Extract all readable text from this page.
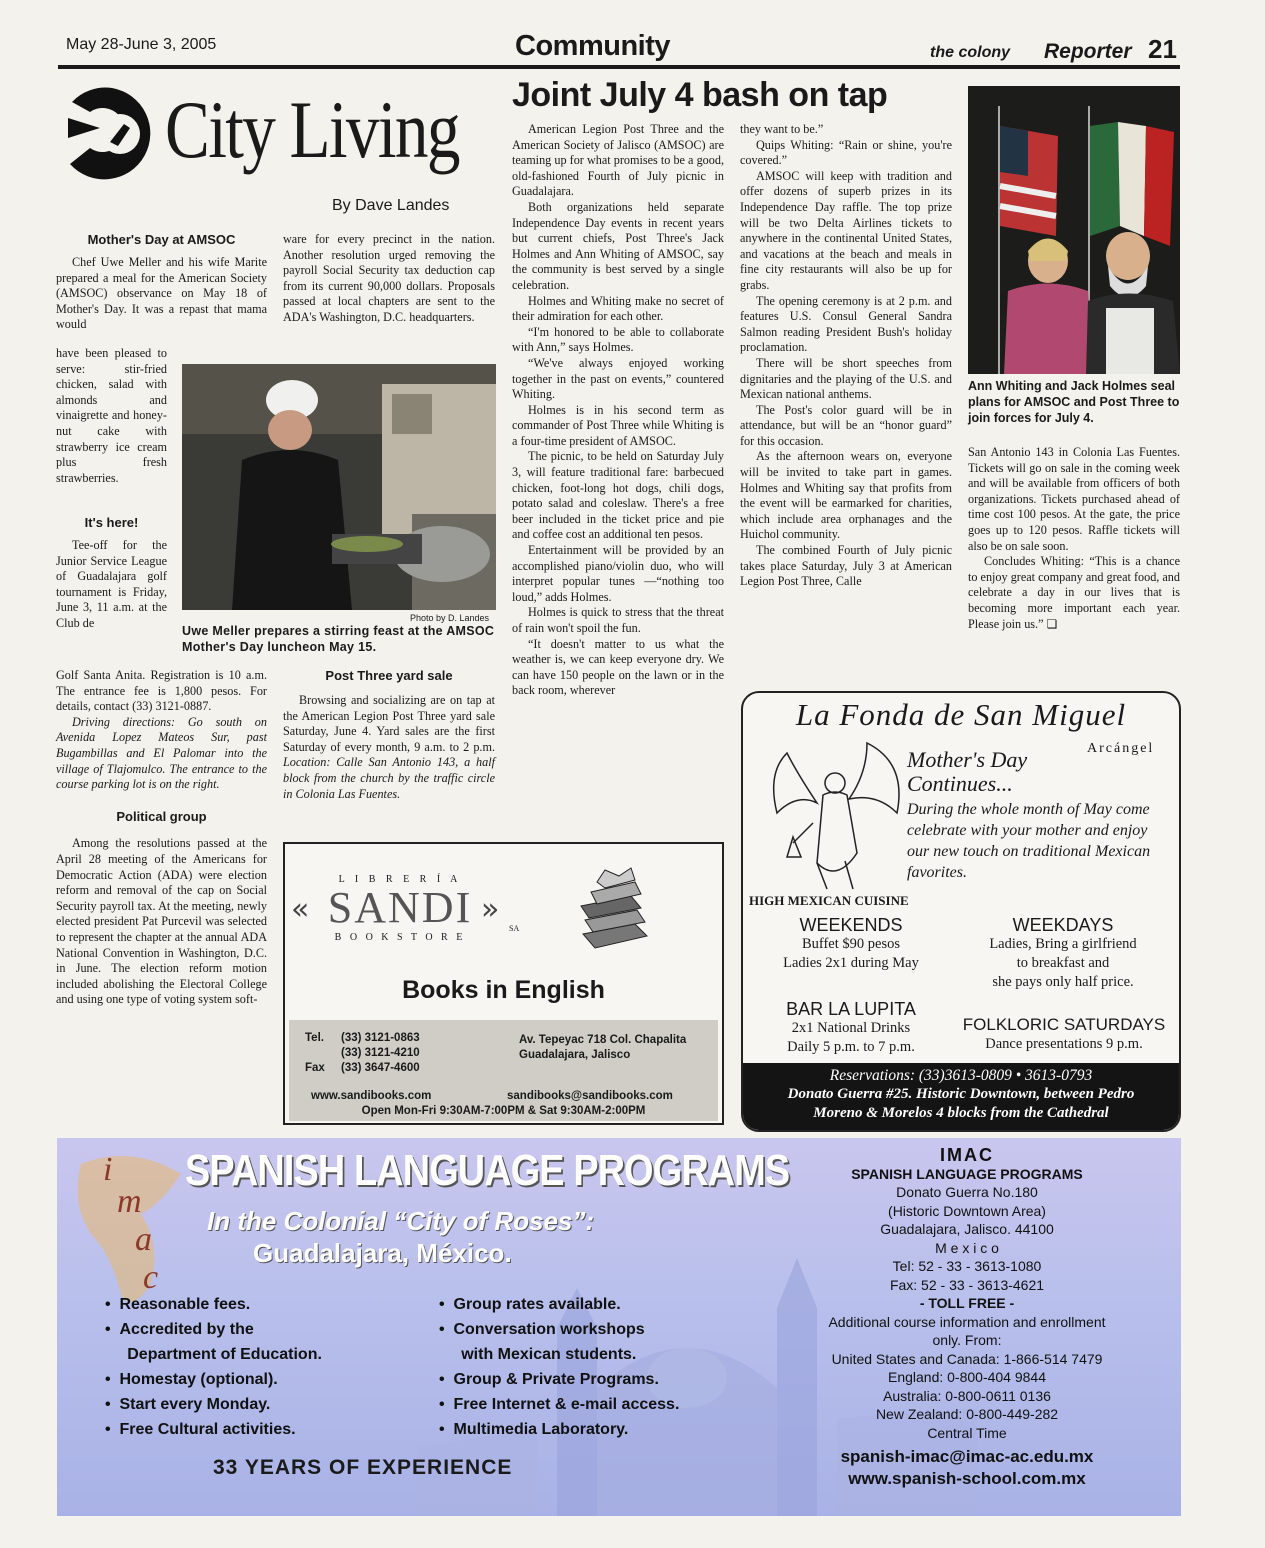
May 28-June 3, 2005	Community	the colony Reporter 21
City Living
By Dave Landes

Mother's Day at AMSOC

Chef Uwe Meller and his wife Marite prepared a meal for the American Society (AMSOC) observance on May 18 of Mother's Day. It was a repast that mama would

have been pleased to serve: stir-fried chicken, salad with almonds and vinaigrette and honey-nut cake with strawberry ice cream plus fresh strawberries.

It's here!

Tee-off for the Junior Service League of Guadalajara golf tournament is Friday, June 3, 11 a.m. at the Club de

Golf Santa Anita. Registration is 10 a.m. The entrance fee is 1,800 pesos. For details, contact (33) 3121-0887.

Driving directions: Go south on Avenida Lopez Mateos Sur, past Bugambillas and El Palomar into the village of Tlajomulco. The entrance to the course parking lot is on the right.

Political group

Among the resolutions passed at the April 28 meeting of the Americans for Democratic Action (ADA) were election reform and removal of the cap on Social Security payroll tax. At the meeting, newly elected president Pat Purcevil was selected to represent the chapter at the annual ADA National Convention in Washington, D.C. in June. The election reform motion included abolishing the Electoral College and using one type of voting system soft-

ware for every precinct in the nation. Another resolution urged removing the payroll Social Security tax deduction cap from its current 90,000 dollars. Proposals passed at local chapters are sent to the ADA's Washington, D.C. headquarters.

Photo by D. Landes
Uwe Meller prepares a stirring feast at the AMSOC Mother's Day luncheon May 15.

Post Three yard sale

Browsing and socializing are on tap at the American Legion Post Three yard sale Saturday, June 4. Yard sales are the first Saturday of every month, 9 a.m. to 2 p.m. Location: Calle San Antonio 143, a half block from the church by the traffic circle in Colonia Las Fuentes.

Joint July 4 bash on tap

American Legion Post Three and the American Society of Jalisco (AMSOC) are teaming up for what promises to be a good, old-fashioned Fourth of July picnic in Guadalajara.

Both organizations held separate Independence Day events in recent years but current chiefs, Post Three's Jack Holmes and Ann Whiting of AMSOC, say the community is best served by a single celebration.

Holmes and Whiting make no secret of their admiration for each other.

“I'm honored to be able to collaborate with Ann,” says Holmes.

“We've always enjoyed working together in the past on events,” countered Whiting.

Holmes is in his second term as commander of Post Three while Whiting is a four-time president of AMSOC.

The picnic, to be held on Saturday July 3, will feature traditional fare: barbecued chicken, foot-long hot dogs, chili dogs, potato salad and coleslaw. There's a free beer included in the ticket price and pie and coffee cost an additional ten pesos.

Entertainment will be provided by an accomplished piano/violin duo, who will interpret popular tunes —“nothing too loud,” adds Holmes.

Holmes is quick to stress that the threat of rain won't spoil the fun.

“It doesn't matter to us what the weather is, we can keep everyone dry. We can have 150 people on the lawn or in the back room, wherever

they want to be.”

Quips Whiting: “Rain or shine, you're covered.”

AMSOC will keep with tradition and offer dozens of superb prizes in its Independence Day raffle. The top prize will be two Delta Airlines tickets to anywhere in the continental United States, and vacations at the beach and meals in fine city restaurants will also be up for grabs.

The opening ceremony is at 2 p.m. and features U.S. Consul General Sandra Salmon reading President Bush's holiday proclamation.

There will be short speeches from dignitaries and the playing of the U.S. and Mexican national anthems.

The Post's color guard will be in attendance, but will be an “honor guard” for this occasion.

As the afternoon wears on, everyone will be invited to take part in games. Holmes and Whiting say that profits from the event will be earmarked for charities, which include area orphanages and the Huichol community.

The combined Fourth of July picnic takes place Saturday, July 3 at American Legion Post Three, Calle

Ann Whiting and Jack Holmes seal plans for AMSOC and Post Three to join forces for July 4.

San Antonio 143 in Colonia Las Fuentes. Tickets will go on sale in the coming week and will be available from officers of both organizations. Tickets purchased ahead of time cost 100 pesos. At the gate, the price goes up to 120 pesos. Raffle tickets will also be on sale soon.

Concludes Whiting: “This is a chance to enjoy great company and great food, and celebrate a day in our lives that is becoming more important each year. Please join us.” ❏

L I B R E R Í A
« SANDI »
SA
B O O K S T O R E
Books in English
Tel. (33) 3121-0863
(33) 3121-4210
Fax (33) 3647-4600
Av. Tepeyac 718 Col. Chapalita
Guadalajara, Jalisco
www.sandibooks.com	sandibooks@sandibooks.com
Open Mon-Fri 9:30AM-7:00PM & Sat 9:30AM-2:00PM
La Fonda de San Miguel
Arcángel
Mother's Day
Continues...
During the whole month of May come celebrate with your mother and enjoy our new touch on traditional Mexican favorites.
HIGH MEXICAN CUISINE
WEEKENDS
Buffet $90 pesos
Ladies 2x1 during May
WEEKDAYS
Ladies, Bring a girlfriend
to breakfast and
she pays only half price.
BAR LA LUPITA
2x1 National Drinks
Daily 5 p.m. to 7 p.m.
FOLKLORIC SATURDAYS
Dance presentations 9 p.m.
Reservations: (33)3613-0809 • 3613-0793
Donato Guerra #25. Historic Downtown, between Pedro
Moreno & Morelos 4 blocks from the Cathedral
i
m
a
c
SPANISH LANGUAGE PROGRAMS
In the Colonial “City of Roses”:
Guadalajara, México.
•  Reasonable fees.
•  Accredited by the
Department of Education.
•  Homestay (optional).
•  Start every Monday.
•  Free Cultural activities.
•  Group rates available.
•  Conversation workshops
with Mexican students.
•  Group & Private Programs.
•  Free Internet & e-mail access.
•  Multimedia Laboratory.
33 YEARS OF EXPERIENCE
IMAC
SPANISH LANGUAGE PROGRAMS
Donato Guerra No.180
(Historic Downtown Area)
Guadalajara, Jalisco. 44100
M e x i c o
Tel: 52 - 33 - 3613-1080
Fax: 52 - 33 - 3613-4621
- TOLL FREE -
Additional course information and enrollment
only. From:
United States and Canada: 1-866-514 7479
England: 0-800-404 9844
Australia: 0-800-0611 0136
New Zealand: 0-800-449-282
Central Time
spanish-imac@imac-ac.edu.mx
www.spanish-school.com.mx
